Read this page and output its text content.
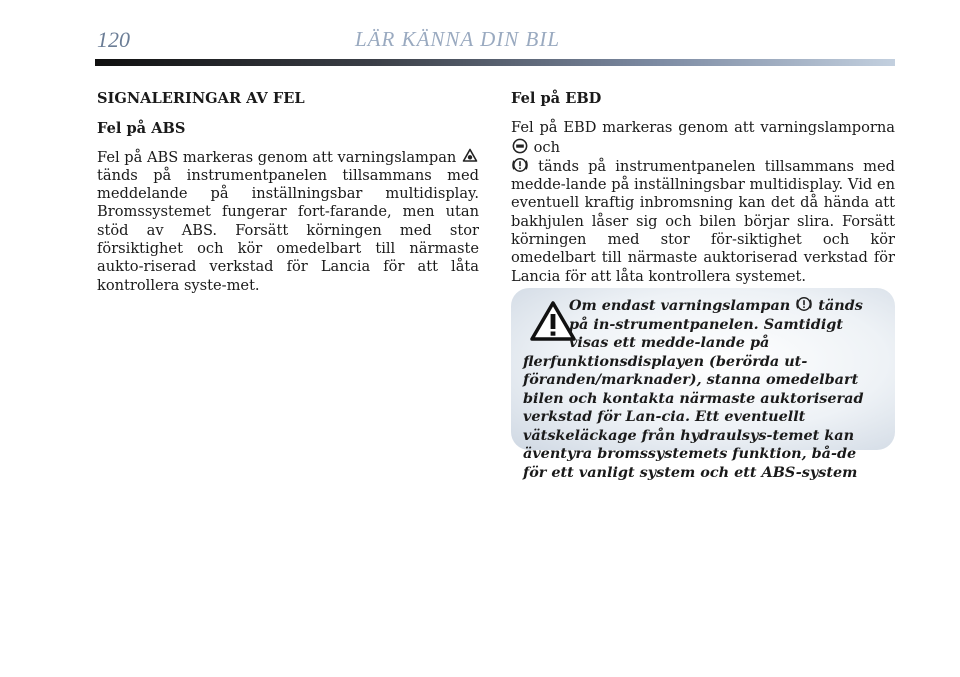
120	LÄR KÄNNA DIN BIL

SIGNALERINGAR AV FEL

Fel på ABS

Fel på ABS markeras genom att varningslampan  tänds på instrumentpanelen tillsammans med meddelande på inställningsbar multidisplay. Bromssystemet fungerar fort-farande, men utan stöd av ABS. Forsätt körningen med stor försiktighet och kör omedelbart till närmaste aukto-riserad verkstad för Lancia för att låta kontrollera syste-met.

Fel på EBD

Fel på EBD markeras genom att varningslamporna  och
tänds på instrumentpanelen tillsammans med medde-lande på inställningsbar multidisplay. Vid en eventuell kraftig inbromsning kan det då hända att bakhjulen låser sig och bilen börjar slira. Forsätt körningen med stor för-siktighet och kör omedelbart till närmaste auktoriserad verkstad för Lancia för att låta kontrollera systemet.

Om endast varningslampan tänds på in-strumentpanelen. Samtidigt visas ett medde-lande på flerfunktionsdisplayen (berörda ut-föranden/marknader), stanna omedelbart bilen och kontakta närmaste auktoriserad verkstad för Lan-cia. Ett eventuellt vätskeläckage från hydraulsys-temet kan äventyra bromssystemets funktion, bå-de för ett vanligt system och ett ABS-system
